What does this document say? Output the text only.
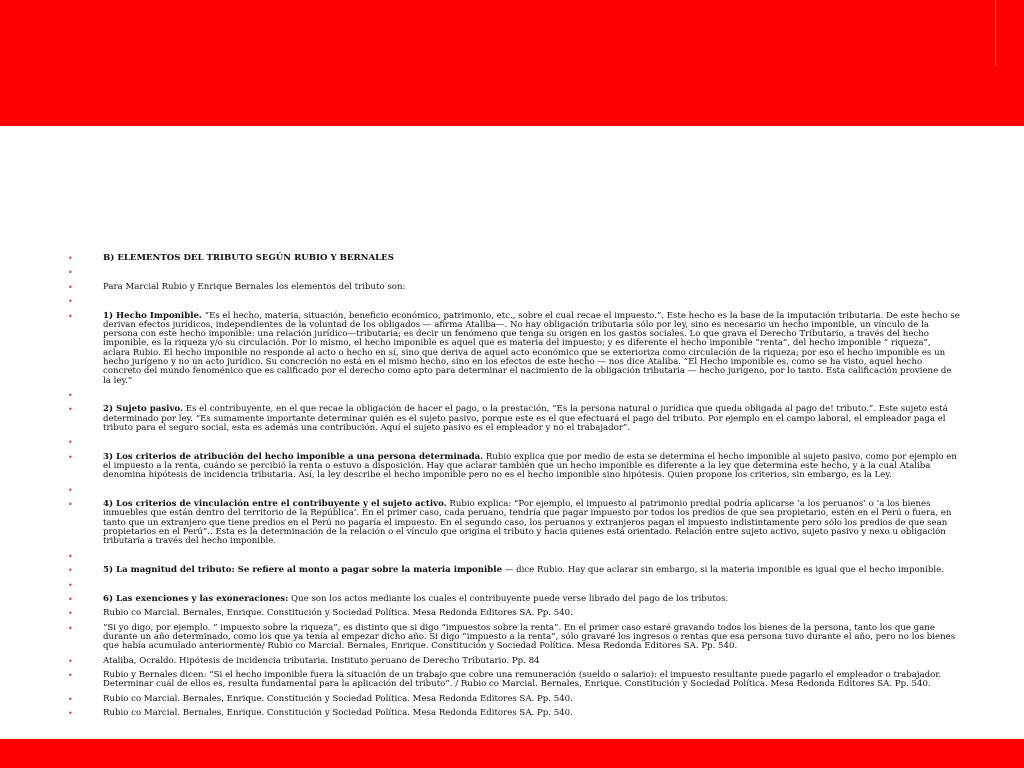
•	B) ELEMENTOS DEL TRIBUTO SEGÚN RUBIO Y BERNALES
•
•	Para Marcial Rubio y Enrique Bernales los elementos del tributo son:
•
•	1) Hecho Imponible. “Es el hecho, materia, situación, beneficio económico, patrimonio, etc., sobre el cual recae el impuesto.”. Este hecho es la base de la imputación tributaria. De este hecho se derivan efectos jurídicos, independientes de la voluntad de los obligados — afirma Ataliba—. No hay obligación tributaria sólo por ley, sino es necesario un hecho imponible, un vínculo de la persona con este hecho imponible: una relación jurídico—tributaria; es decir un fenómeno que tenga su origen en los gastos sociales. Lo que grava el Derecho Tributario, a través del hecho imponible, es la riqueza y/o su circulación. Por lo mismo, el hecho imponible es aquel que es materia del impuesto; y es diferente el hecho imponible “renta”, del hecho imponible “ riqueza”, aclara Rubio. El hecho imponible no responde al acto o hecho en sí, sino que deriva de aquel acto económico que se exterioriza como circulación de la riqueza; por eso el hecho imponible es un hecho jurígeno y no un acto jurídico. Su concreción no está en el mismo hecho, sino en los efectos de este hecho — nos dice Ataliba. “El Hecho imponible es, como se ha visto, aquel hecho concreto del mundo fenoménico que es calificado por el derecho como apto para determinar el nacimiento de la obligación tributaria — hecho jurígeno, por lo tanto. Esta calificación proviene de la ley.”
•
•	2) Sujeto pasivo. Es el contribuyente, en el que recae la obligación de hacer el pago, o la prestación, “Es la persona natural o jurídica que queda obligada al pago de! tributo.”. Este sujeto está determinado por ley. “Es sumamente importante determinar quién es el sujeto pasivo, porque este es el que efectuará el pago del tributo. Por ejemplo en el campo laboral, el empleador paga el tributo para el seguro social, esta es además una contribución. Aquí el sujeto pasivo es el empleador y no el trabajador”.
•
•	3) Los criterios de atribución del hecho imponible a una persona determinada. Rubio explica que por medio de esta se determina el hecho imponible al sujeto pasivo, como por ejemplo en el impuesto a la renta, cuándo se percibió la renta o estuvo a disposición. Hay que aclarar también que un hecho imponible es diferente a la ley que determina este hecho, y a la cual Ataliba denomina hipótesis de incidencia tributaria. Así, la ley describe el hecho imponible pero no es el hecho imponible sino hipótesis. Quien propone los criterios, sin embargo, es la Ley.
•
•	4) Los criterios de vinculación entre el contribuyente y el sujeto activo. Rubio explica: “Por ejemplo, el impuesto al patrimonio predial podría aplicarse ‘a los peruanos’ o ‘a los bienes inmuebles que están dentro del territorio de la República’. En el primer caso, cada peruano, tendría que pagar impuesto por todos los predios de que sea propietario, estén en el Perú o fuera, en tanto que un extranjero que tiene predios en el Perú no pagaría el impuesto. En el segundo caso, los peruanos y extranjeros pagan el impuesto indistintamente pero sólo los predios de que sean propietarios en el Perú”.. Esta es la determinación de la relación o el vínculo que origina el tributo y hacia quienes está orientado. Relación entre sujeto activo, sujeto pasivo y nexo u obligación tributaria a través del hecho imponible.
•
•	5) La magnitud del tributo: Se refiere al monto a pagar sobre la materia imponible — dice Rubio. Hay que aclarar sin embargo, si la materia imponible es igual que el hecho imponible.
•
•	6) Las exenciones y las exoneraciones: Que son los actos mediante los cuales el contribuyente puede verse librado del pago de los tributos.
•	Rubio co Marcial. Bernales, Enrique. Constitución y Sociedad Política. Mesa Redonda Editores SA. Pp. 540.
•	“Si yo digo, por ejemplo. ” impuesto sobre la riqueza”, es distinto que si digo “impuestos sobre la renta”. En el primer caso estaré gravando todos los bienes de la persona, tanto los que gane durante un año determinado, como los que ya tenía al empezar dicho año. Si digo “impuesto a la renta”, sólo gravaré los ingresos o rentas que esa persona tuvo durante el año, pero no los bienes que había acumulado anteriormente/ Rubio co Marcial. Bernales, Enrique. Constitución y Sociedad Política. Mesa Redonda Editores SA. Pp. 540.
•	Ataliba, Ocraldo. Hipótesis de incidencia tributaria. Instituto peruano de Derecho Tributario. Pp. 84
•	Rubio y Bernales dicen: “Si el hecho imponible fuera la situación de un trabajo que cobre una remuneración (sueldo o salario): el impuesto resultante puede pagarlo el empleador o trabajador. Determinar cuál de ellos es, resulta fundamental para la aplicación del tributo”. / Rubio co Marcial. Bernales, Enrique. Constitución y Sociedad Política. Mesa Redonda Editores SA. Pp. 540.
•	Rubio co Marcial. Bernales, Enrique. Constitución y Sociedad Política. Mesa Redonda Editores SA. Pp. 540.
•	Rubio co Marcial. Bernales, Enrique. Constitución y Sociedad Política. Mesa Redonda Editores SA. Pp. 540.
